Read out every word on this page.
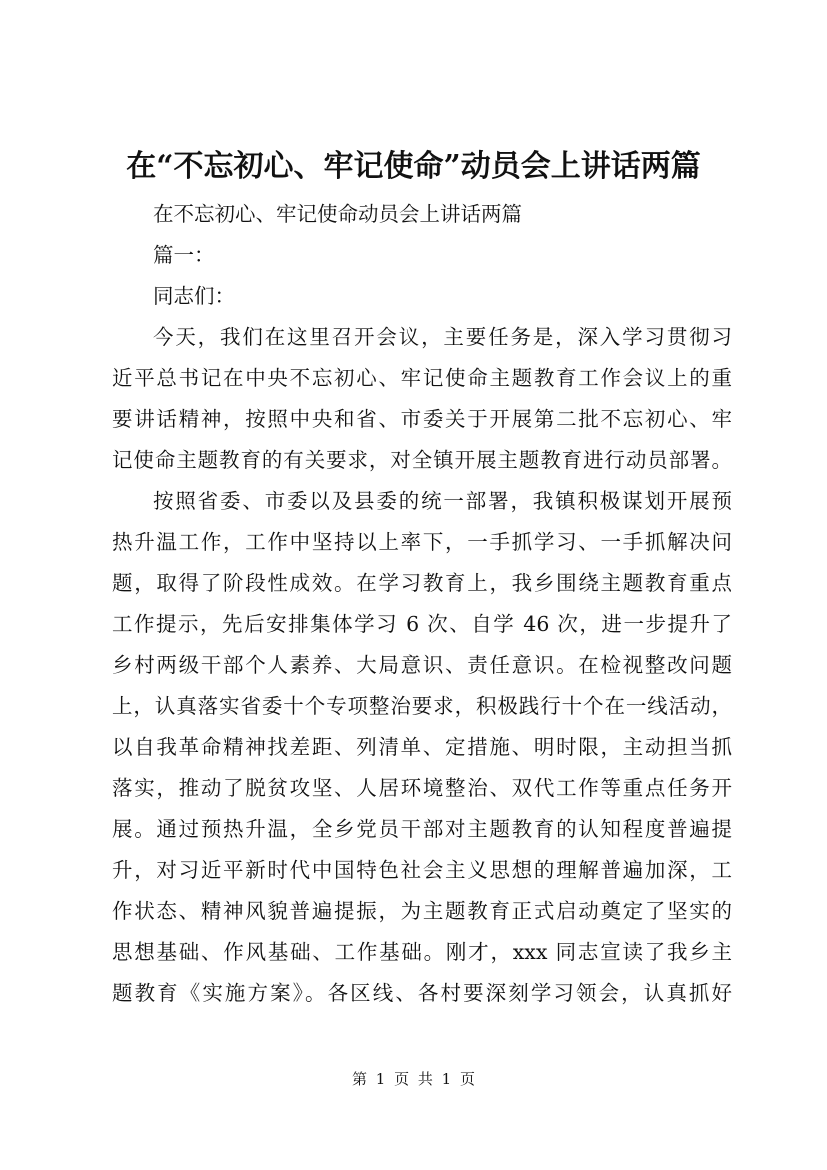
在“不忘初心、牢记使命”动员会上讲话两篇
在不忘初心、牢记使命动员会上讲话两篇
篇一：
同志们：
今天，我们在这里召开会议，主要任务是，深入学习贯彻习
近平总书记在中央不忘初心、牢记使命主题教育工作会议上的重
要讲话精神，按照中央和省、市委关于开展第二批不忘初心、牢
记使命主题教育的有关要求，对全镇开展主题教育进行动员部署。
按照省委、市委以及县委的统一部署，我镇积极谋划开展预
热升温工作，工作中坚持以上率下，一手抓学习、一手抓解决问
题，取得了阶段性成效。在学习教育上，我乡围绕主题教育重点
工作提示，先后安排集体学习 6 次、自学 46 次，进一步提升了
乡村两级干部个人素养、大局意识、责任意识。在检视整改问题
上，认真落实省委十个专项整治要求，积极践行十个在一线活动，
以自我革命精神找差距、列清单、定措施、明时限，主动担当抓
落实，推动了脱贫攻坚、人居环境整治、双代工作等重点任务开
展。通过预热升温，全乡党员干部对主题教育的认知程度普遍提
升，对习近平新时代中国特色社会主义思想的理解普遍加深，工
作状态、精神风貌普遍提振，为主题教育正式启动奠定了坚实的
思想基础、作风基础、工作基础。刚才，xxx 同志宣读了我乡主
题教育《实施方案》。各区线、各村要深刻学习领会，认真抓好
第 1 页 共 1 页
